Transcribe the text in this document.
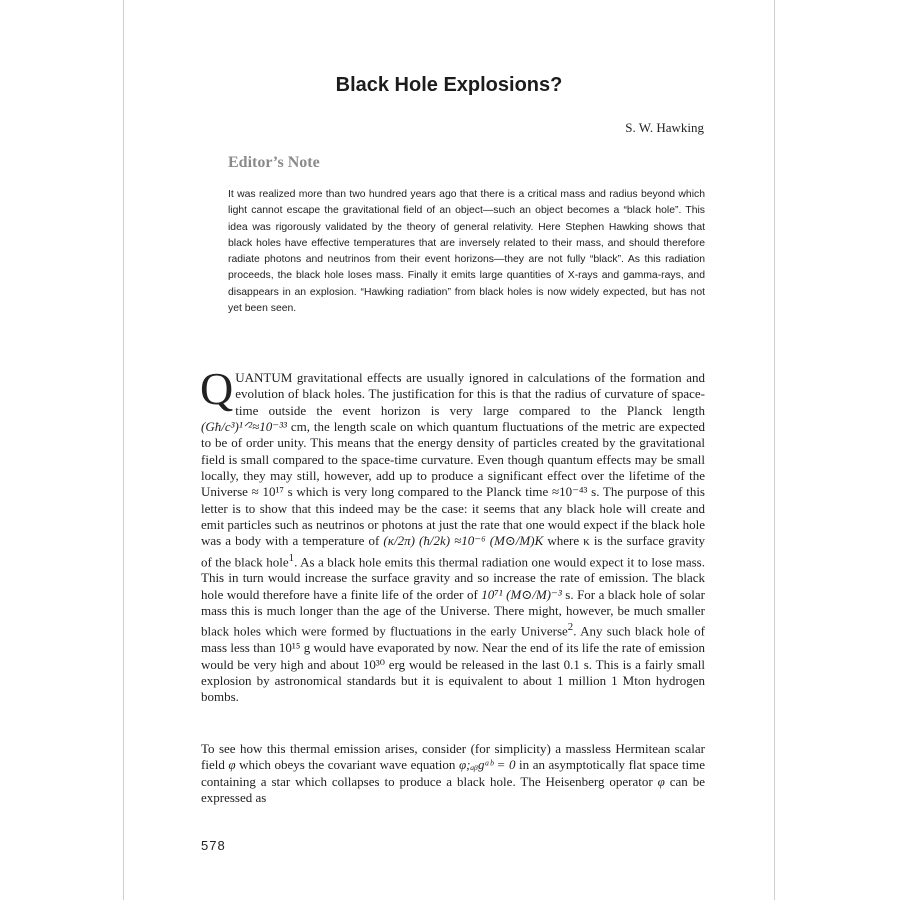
Black Hole Explosions?
S. W. Hawking
Editor’s Note

It was realized more than two hundred years ago that there is a critical mass and radius beyond which light cannot escape the gravitational field of an object—such an object becomes a “black hole”. This idea was rigorously validated by the theory of general relativity. Here Stephen Hawking shows that black holes have effective temperatures that are inversely related to their mass, and should therefore radiate photons and neutrinos from their event horizons—they are not fully “black”. As this radiation proceeds, the black hole loses mass. Finally it emits large quantities of X-rays and gamma-rays, and disappears in an explosion. “Hawking radiation” from black holes is now widely expected, but has not yet been seen.

QUANTUM gravitational effects are usually ignored in calculations of the formation and evolution of black holes. The justification for this is that the radius of curvature of space-time outside the event horizon is very large compared to the Planck length (Għ/c³)¹ᐟ²≈10⁻³³ cm, the length scale on which quantum fluctuations of the metric are expected to be of order unity. This means that the energy density of particles created by the gravitational field is small compared to the space-time curvature. Even though quantum effects may be small locally, they may still, however, add up to produce a significant effect over the lifetime of the Universe ≈ 10¹⁷ s which is very long compared to the Planck time ≈10⁻⁴³ s. The purpose of this letter is to show that this indeed may be the case: it seems that any black hole will create and emit particles such as neutrinos or photons at just the rate that one would expect if the black hole was a body with a temperature of (κ/2π) (ħ/2k) ≈10⁻⁶ (M⊙/M)K where κ is the surface gravity of the black hole$^1$. As a black hole emits this thermal radiation one would expect it to lose mass. This in turn would increase the surface gravity and so increase the rate of emission. The black hole would therefore have a finite life of the order of 10⁷¹ (M⊙/M)⁻³ s. For a black hole of solar mass this is much longer than the age of the Universe. There might, however, be much smaller black holes which were formed by fluctuations in the early Universe$^2$. Any such black hole of mass less than 10¹⁵ g would have evaporated by now. Near the end of its life the rate of emission would be very high and about 10³⁰ erg would be released in the last 0.1 s. This is a fairly small explosion by astronomical standards but it is equivalent to about 1 million 1 Mton hydrogen bombs.

To see how this thermal emission arises, consider (for simplicity) a massless Hermitean scalar field φ which obeys the covariant wave equation φ;ₐᵦgᵃᵇ = 0 in an asymptotically flat space time containing a star which collapses to produce a black hole. The Heisenberg operator φ can be expressed as

578
